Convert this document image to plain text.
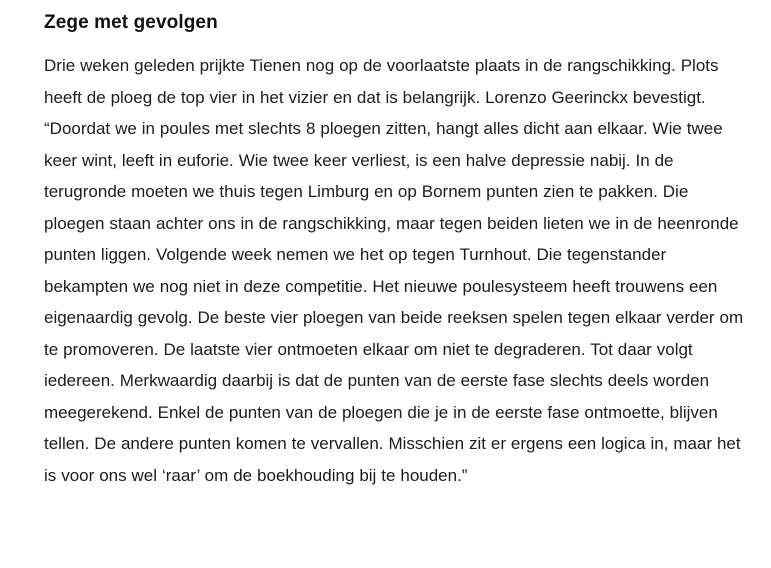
Zege met gevolgen

Drie weken geleden prijkte Tienen nog op de voorlaatste plaats in de rangschikking. Plots heeft de ploeg de top vier in het vizier en dat is belangrijk. Lorenzo Geerinckx bevestigt. “Doordat we in poules met slechts 8 ploegen zitten, hangt alles dicht aan elkaar. Wie twee keer wint, leeft in euforie. Wie twee keer verliest, is een halve depressie nabij. In de terugronde moeten we thuis tegen Limburg en op Bornem punten zien te pakken. Die ploegen staan achter ons in de rangschikking, maar tegen beiden lieten we in de heenronde punten liggen. Volgende week nemen we het op tegen Turnhout. Die tegenstander bekampten we nog niet in deze competitie. Het nieuwe poulesysteem heeft trouwens een eigenaardig gevolg. De beste vier ploegen van beide reeksen spelen tegen elkaar verder om te promoveren. De laatste vier ontmoeten elkaar om niet te degraderen. Tot daar volgt iedereen. Merkwaardig daarbij is dat de punten van de eerste fase slechts deels worden meegerekend. Enkel de punten van de ploegen die je in de eerste fase ontmoette, blijven tellen. De andere punten komen te vervallen. Misschien zit er ergens een logica in, maar het is voor ons wel ‘raar’ om de boekhouding bij te houden.”
